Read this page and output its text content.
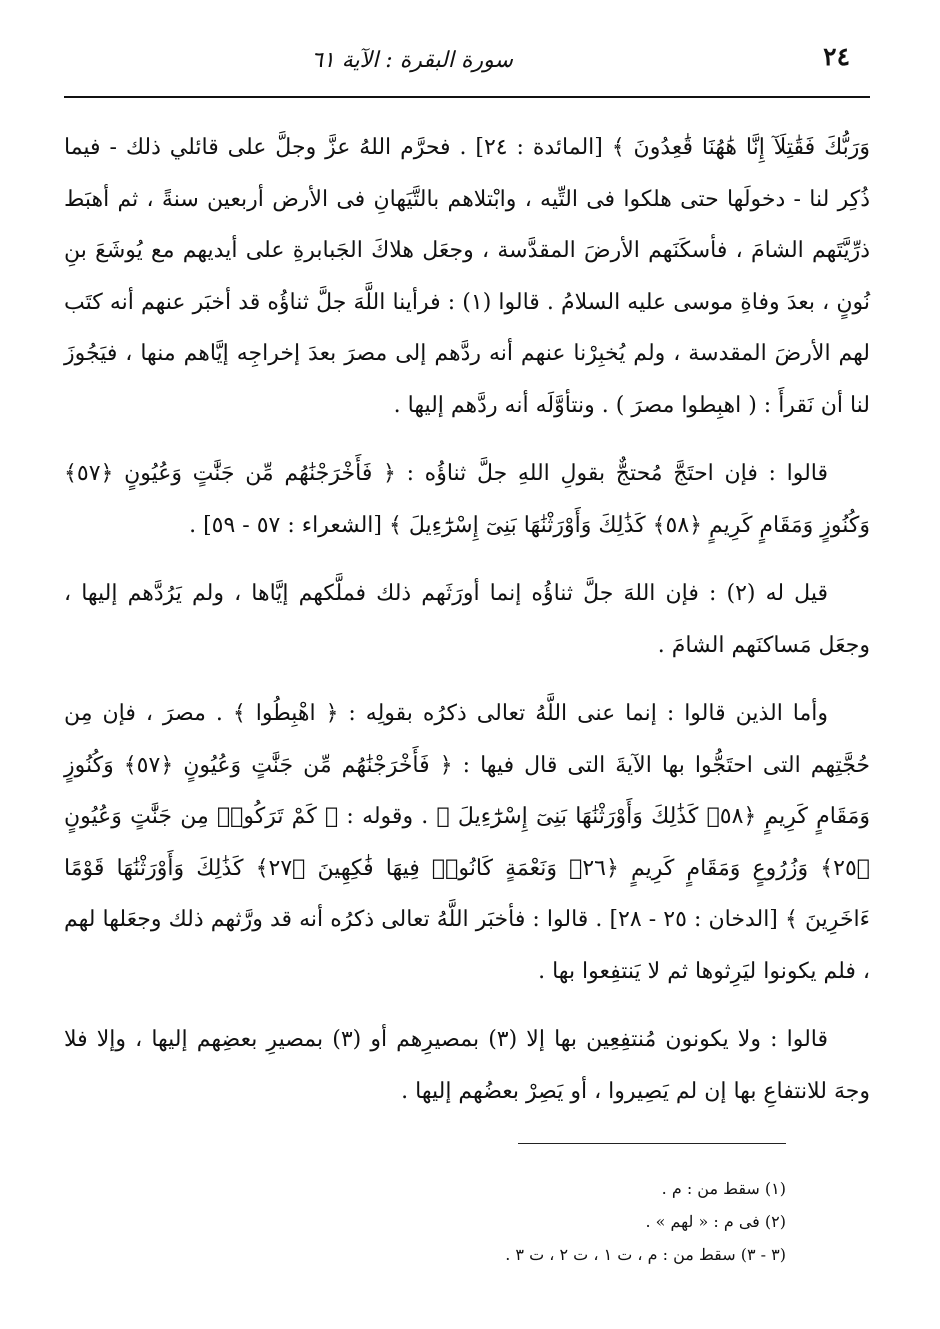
٢٤
سورة البقرة : الآية ٦١

وَرَبُّكَ فَقَٰتِلَآ إِنَّا هَٰهُنَا قَٰعِدُونَ ﴾ [المائدة : ٢٤] . فحرَّم اللهُ عزَّ وجلَّ على قائلي ذلك - فيما ذُكِر لنا - دخولَها حتى هلكوا فى التِّيه ، وابْتلاهم بالتَّيَهانِ فى الأرض أربعين سنةً ، ثم أهبَط ذرِّيَّتَهم الشامَ ، فأسكَنَهم الأرضَ المقدَّسة ، وجعَل هلاكَ الجَبابرةِ على أيديهم مع يُوشَعَ بنِ نُونٍ ، بعدَ وفاةِ موسى عليه السلامُ . قالوا (١) : فرأينا اللَّهَ جلَّ ثناؤُه قد أخبَر عنهم أنه كتَب لهم الأرضَ المقدسة ، ولم يُخبِرْنا عنهم أنه ردَّهم إلى مصرَ بعدَ إخراجِه إيَّاهم منها ، فيَجُوزَ لنا أن نَقرأَ : ( اهبِطوا مصرَ ) . ونتأوَّلَه أنه ردَّهم إليها .

قالوا : فإن احتَجَّ مُحتجٌّ بقولِ اللهِ جلَّ ثناؤُه : ﴿ فَأَخْرَجْنَٰهُم مِّن جَنَّٰتٍ وَعُيُونٍ ﴿٥٧﴾ وَكُنُوزٍ وَمَقَامٍ كَرِيمٍ ﴿٥٨﴾ كَذَٰلِكَ وَأَوْرَثْنَٰهَا بَنِىٓ إِسْرَٰٓءِيلَ ﴾ [الشعراء : ٥٧ - ٥٩] .

قيل له (٢) : فإن اللهَ جلَّ ثناؤُه إنما أورَثَهم ذلك فملَّكهم إيَّاها ، ولم يَرُدَّهم إليها ، وجعَل مَساكنَهم الشامَ .

وأما الذين قالوا : إنما عنى اللَّهُ تعالى ذكرُه بقولِه : ﴿ اهْبِطُوا ﴾ . مصرَ ، فإن مِن حُجَّتِهم التى احتَجُّوا بها الآيةَ التى قال فيها : ﴿ فَأَخْرَجْنَٰهُم مِّن جَنَّٰتٍ وَعُيُونٍ ﴿٥٧﴾ وَكُنُوزٍ وَمَقَامٍ كَرِيمٍ ﴿٥٨﴾ كَذَٰلِكَ وَأَوْرَثْنَٰهَا بَنِىٓ إِسْرَٰٓءِيلَ ﴾ . وقوله : ﴿ كَمْ تَرَكُوا۟ مِن جَنَّٰتٍ وَعُيُونٍ ﴿٢٥﴾ وَزُرُوعٍ وَمَقَامٍ كَرِيمٍ ﴿٢٦﴾ وَنَعْمَةٍ كَانُوا۟ فِيهَا فَٰكِهِينَ ﴿٢٧﴾ كَذَٰلِكَ وَأَوْرَثْنَٰهَا قَوْمًا ءَاخَرِينَ ﴾ [الدخان : ٢٥ - ٢٨] . قالوا : فأخبَر اللَّهُ تعالى ذكرُه أنه قد ورَّثهم ذلك وجعَلها لهم ، فلم يكونوا ليَرِثوها ثم لا يَنتفِعوا بها .

قالوا : ولا يكونون مُنتفِعِين بها إلا (٣) بمصيرِهم أو (٣) بمصيرِ بعضِهم إليها ، وإلا فلا وجهَ للانتفاعِ بها إن لم يَصِيروا ، أو يَصِرْ بعضُهم إليها .

(١) سقط من : م .

(٢) فى م : « لهم » .

(٣ - ٣) سقط من : م ، ت ١ ، ت ٢ ، ت ٣ .
